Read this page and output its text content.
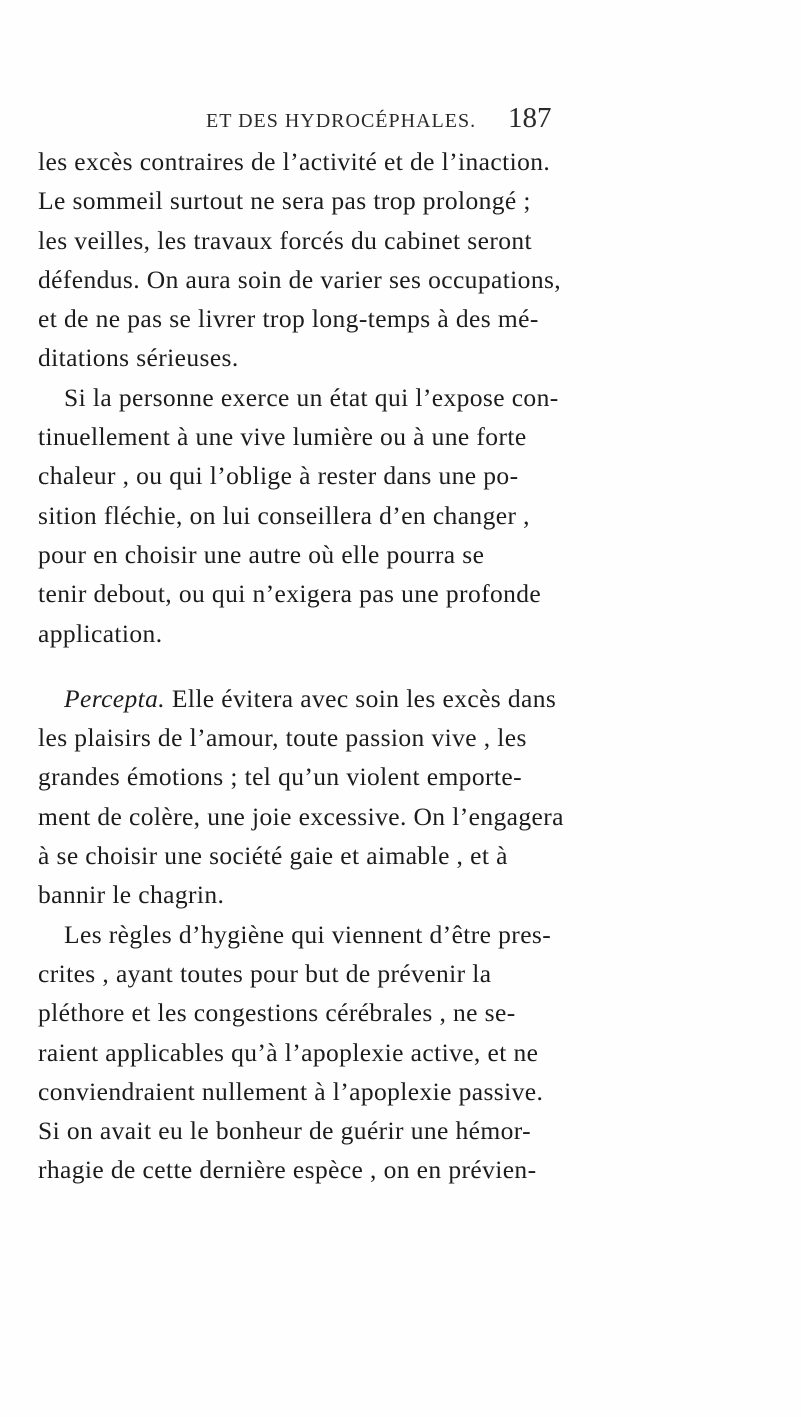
ET DES HYDROCÉPHALES. 187
les excès contraires de l’activité et de l’inaction.
Le sommeil surtout ne sera pas trop prolongé ;
les veilles, les travaux forcés du cabinet seront
défendus. On aura soin de varier ses occupations,
et de ne pas se livrer trop long-temps à des mé-
ditations sérieuses.
Si la personne exerce un état qui l’expose con-
tinuellement à une vive lumière ou à une forte
chaleur , ou qui l’oblige à rester dans une po-
sition fléchie, on lui conseillera d’en changer ,
pour en choisir une autre où elle pourra se
tenir debout, ou qui n’exigera pas une profonde
application.
Percepta. Elle évitera avec soin les excès dans
les plaisirs de l’amour, toute passion vive , les
grandes émotions ; tel qu’un violent emporte-
ment de colère, une joie excessive. On l’engagera
à se choisir une société gaie et aimable , et à
bannir le chagrin.
Les règles d’hygiène qui viennent d’être pres-
crites , ayant toutes pour but de prévenir la
pléthore et les congestions cérébrales , ne se-
raient applicables qu’à l’apoplexie active, et ne
conviendraient nullement à l’apoplexie passive.
Si on avait eu le bonheur de guérir une hémor-
rhagie de cette dernière espèce , on en prévien-
